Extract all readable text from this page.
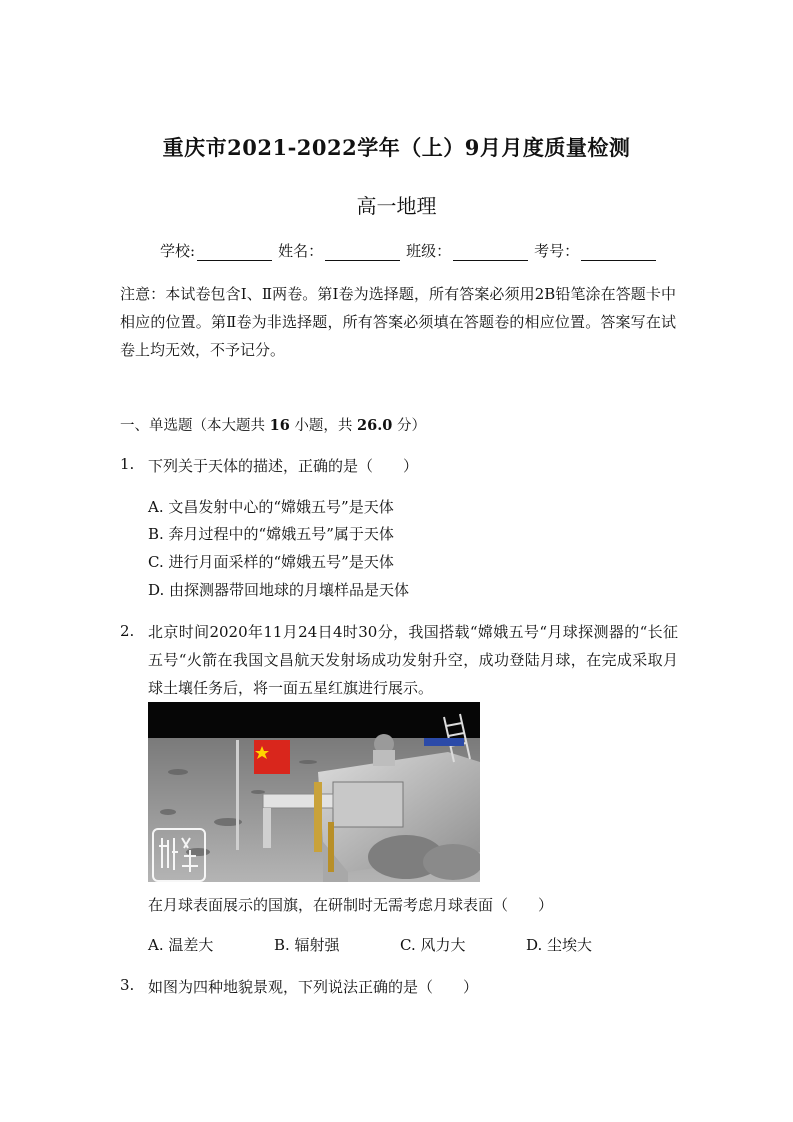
重庆市2021-2022学年（上）9月月度质量检测
高一地理
学校:	姓名：	班级：	考号：
注意：本试卷包含Ⅰ、Ⅱ两卷。第Ⅰ卷为选择题，所有答案必须用2B铅笔涂在答题卡中相应的位置。第Ⅱ卷为非选择题，所有答案必须填在答题卷的相应位置。答案写在试卷上均无效，不予记分。
一、单选题（本大题共 16 小题，共 26.0 分）
1. 下列关于天体的描述，正确的是（　　）
A. 文昌发射中心的“嫦娥五号”是天体
B. 奔月过程中的“嫦娥五号”属于天体
C. 进行月面采样的“嫦娥五号”是天体
D. 由探测器带回地球的月壤样品是天体
2. 北京时间2020年11月24日4时30分，我国搭载“嫦娥五号“月球探测器的“长征五号“火箭在我国文昌航天发射场成功发射升空，成功登陆月球，在完成采取月球土壤任务后，将一面五星红旗进行展示。
在月球表面展示的国旗，在研制时无需考虑月球表面（　　）
A. 温差大	B. 辐射强	C. 风力大	D. 尘埃大
3. 如图为四种地貌景观，下列说法正确的是（　　）
